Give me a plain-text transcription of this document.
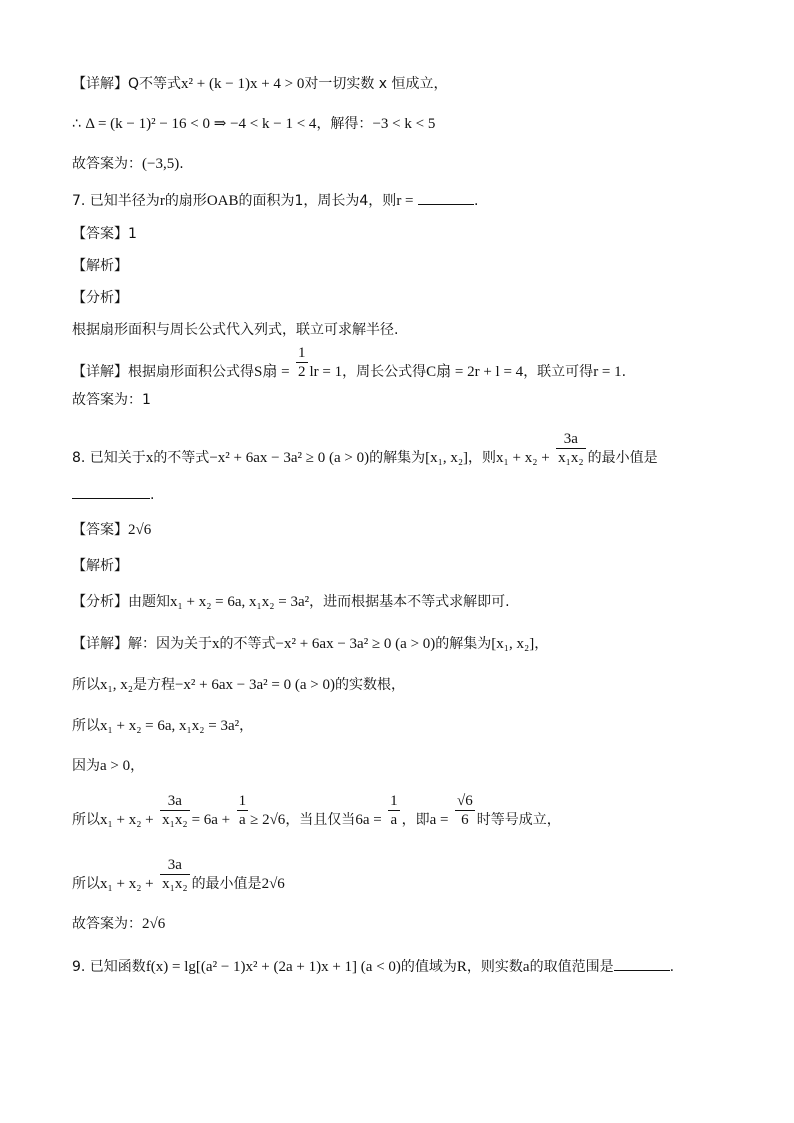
【详解】Q不等式x² + (k − 1)x + 4 > 0对一切实数 x 恒成立，
∴ Δ = (k − 1)² − 16 < 0 ⇒ −4 < k − 1 < 4，解得：−3 < k < 5
故答案为：(−3,5).
7. 已知半径为r的扇形OAB的面积为1，周长为4，则r =	.
【答案】1
【解析】
【分析】
根据扇形面积与周长公式代入列式，联立可求解半径.
【详解】根据扇形面积公式得S扇 = $\frac{1}{2}$ lr = 1，周长公式得C扇 = 2r + l = 4，联立可得r = 1.
故答案为：1
8. 已知关于x的不等式−x² + 6ax − 3a² ≥ 0 (a > 0)的解集为[x₁, x₂]，则$x_1 + x_2 + \frac{3a}{\text{x₁x₂}}$ 的最小值是
.
【答案】2√6
【解析】
【分析】由题知x₁ + x₂ = 6a, x₁x₂ = 3a²，进而根据基本不等式求解即可.
【详解】解：因为关于x的不等式−x² + 6ax − 3a² ≥ 0 (a > 0)的解集为[x₁, x₂]，
所以x₁, x₂是方程−x² + 6ax − 3a² = 0 (a > 0)的实数根，
所以x₁ + x₂ = 6a, x₁x₂ = 3a²，
因为a > 0，
所以$x_1 + x_2 + \frac{3a}{\text{x₁x₂}} = 6a + \frac{1}{a} \ge 2√6$，当且仅当$6a = \frac{1}{a}$ ，即$a = \frac{√6}{6}$ 时等号成立，
所以$x_1 + x_2 + \frac{3a}{\text{x₁x₂}}$ 的最小值是2√6
故答案为：2√6
9. 已知函数f(x) = lg[(a² − 1)x² + (2a + 1)x + 1] (a < 0)的值域为R，则实数a的取值范围是	.
